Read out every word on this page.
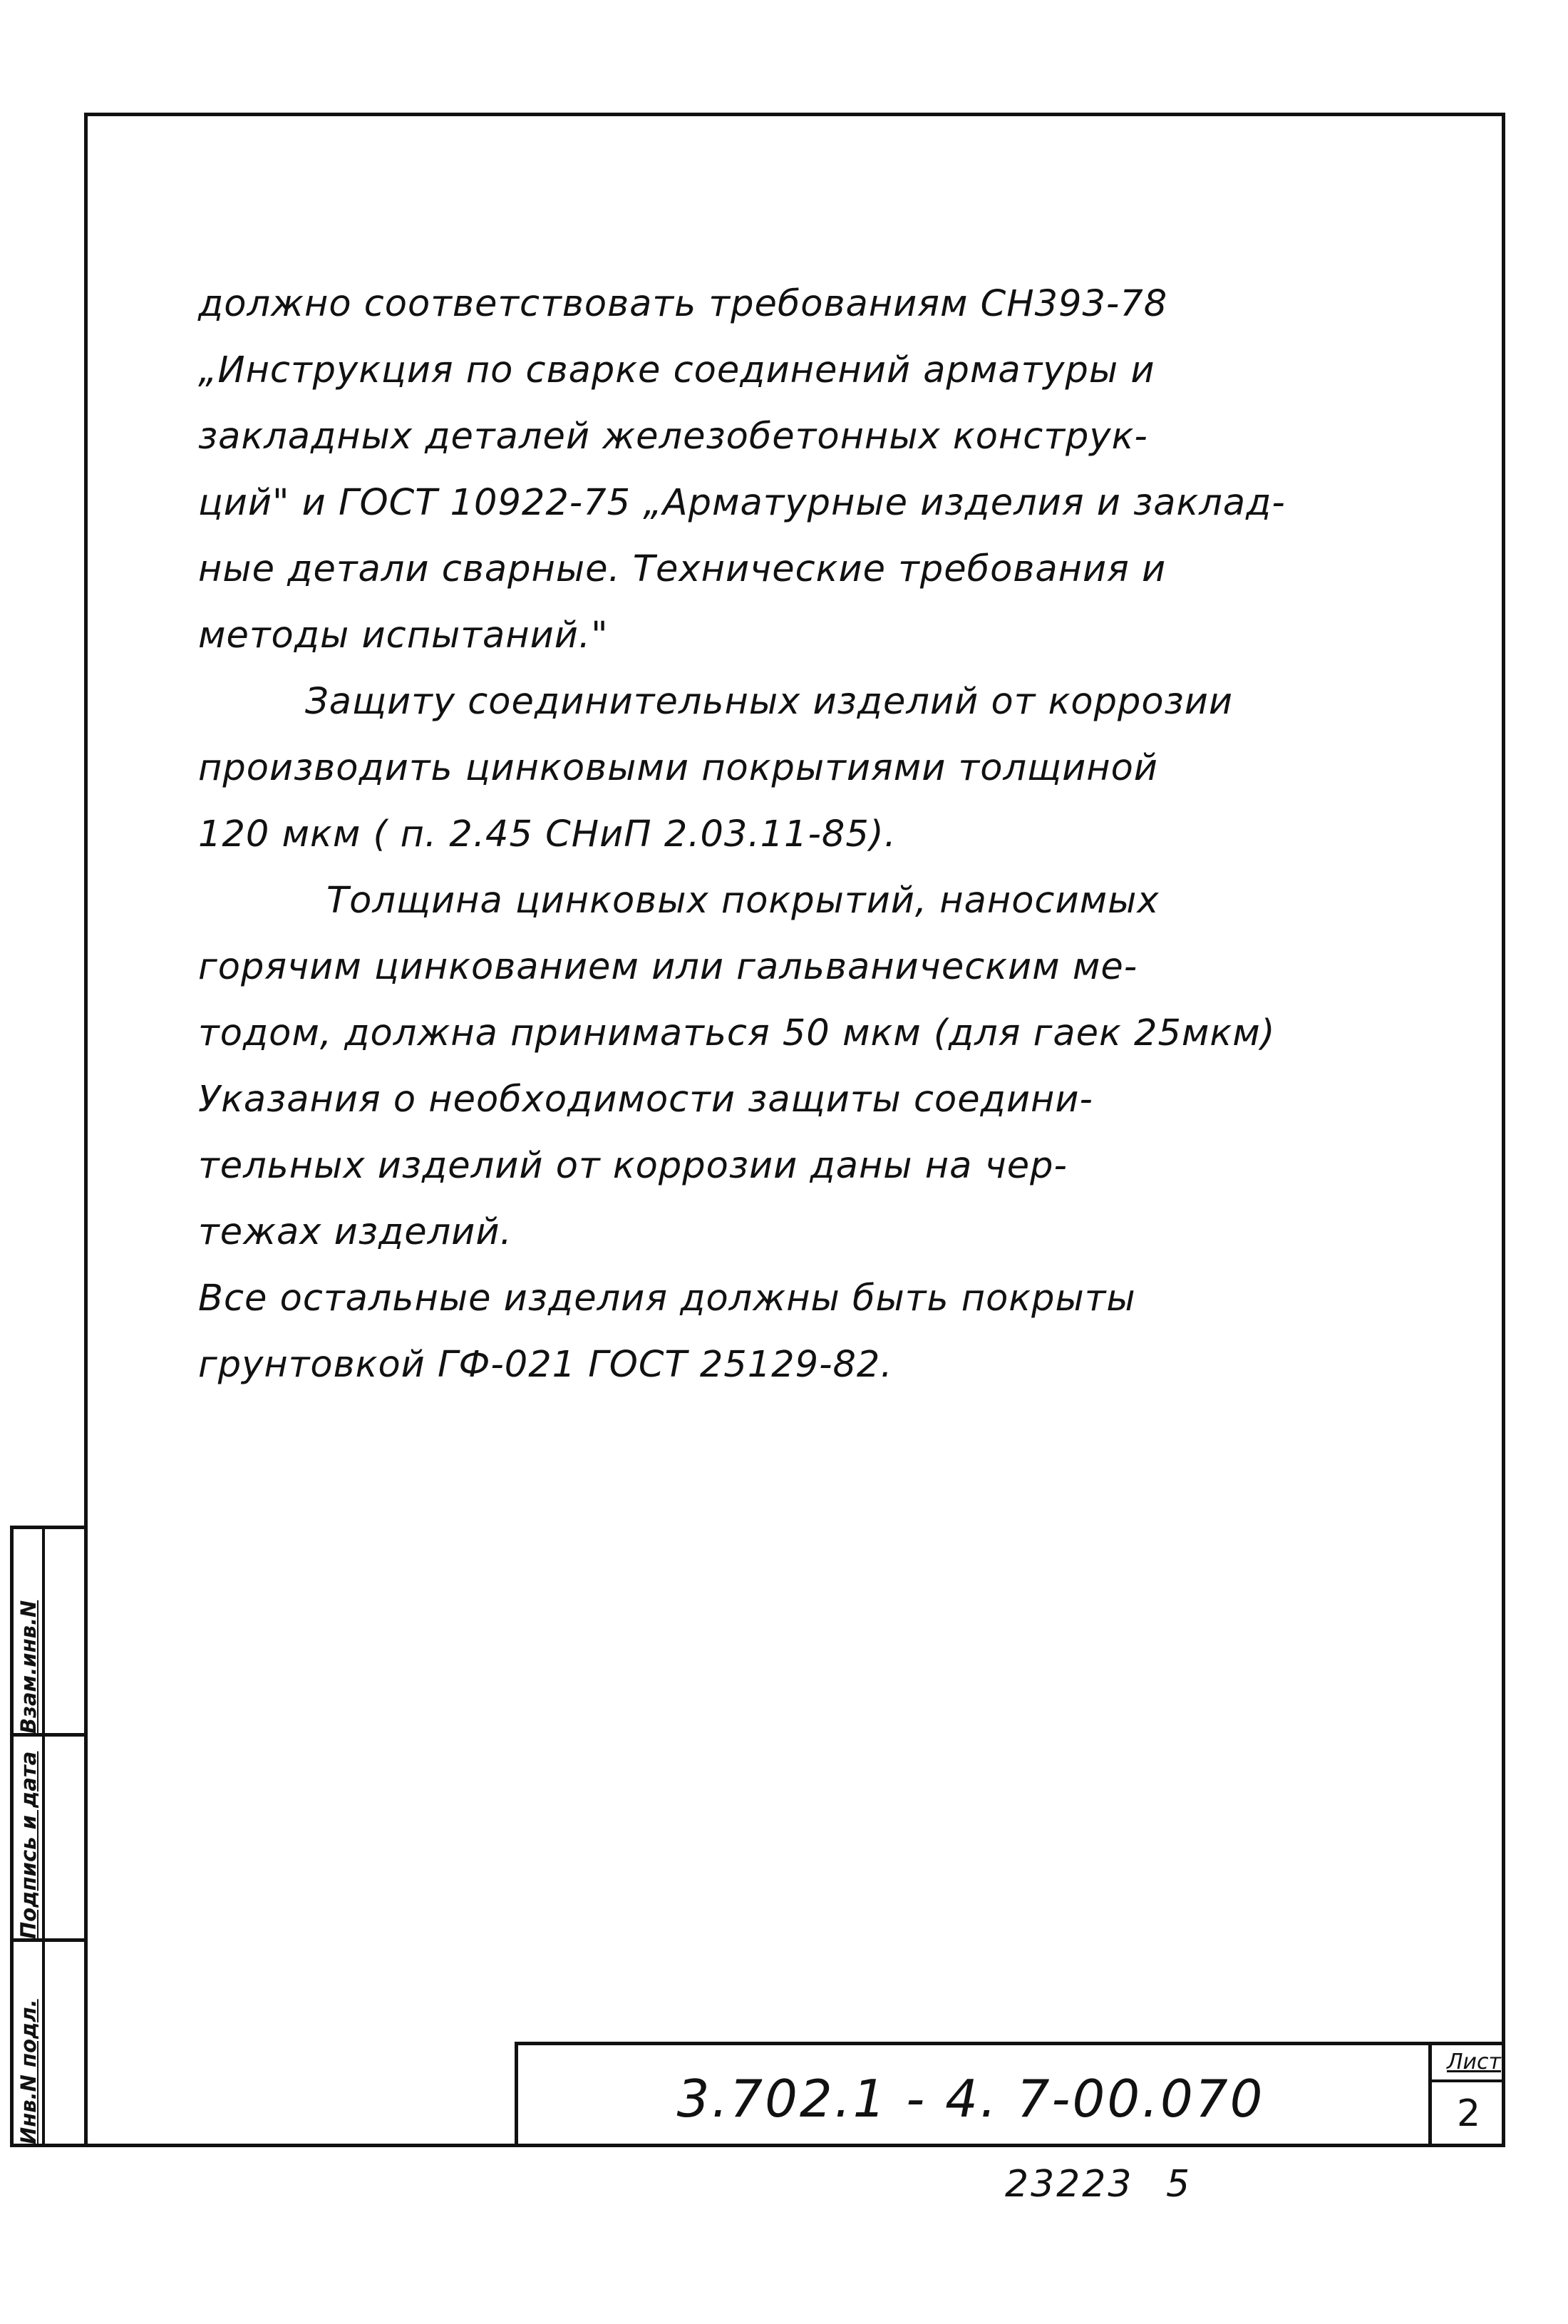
должно соответствовать требованиям СН393-78
„Инструкция по сварке соединений арматуры и
закладных деталей железобетонных конструк-
ций" и ГОСТ 10922-75 „Арматурные изделия и заклад-
ные детали сварные. Технические требования и
методы испытаний."
Защиту соединительных изделий от коррозии
производить цинковыми покрытиями толщиной
120 мкм ( п. 2.45 СНиП 2.03.11-85).
Толщина цинковых покрытий, наносимых
горячим цинкованием или гальваническим ме-
тодом, должна приниматься 50 мкм (для гаек 25мкм)
Указания о необходимости защиты соедини-
тельных изделий от коррозии даны на чер-
тежах изделий.
Все остальные изделия должны быть покрыты
грунтовкой ГФ-021 ГОСТ 25129-82.
Взам.инв.N
Подпись и дата
Инв.N подл.	3.702.1 - 4. 7-00.070
Лист
2
23223 5
